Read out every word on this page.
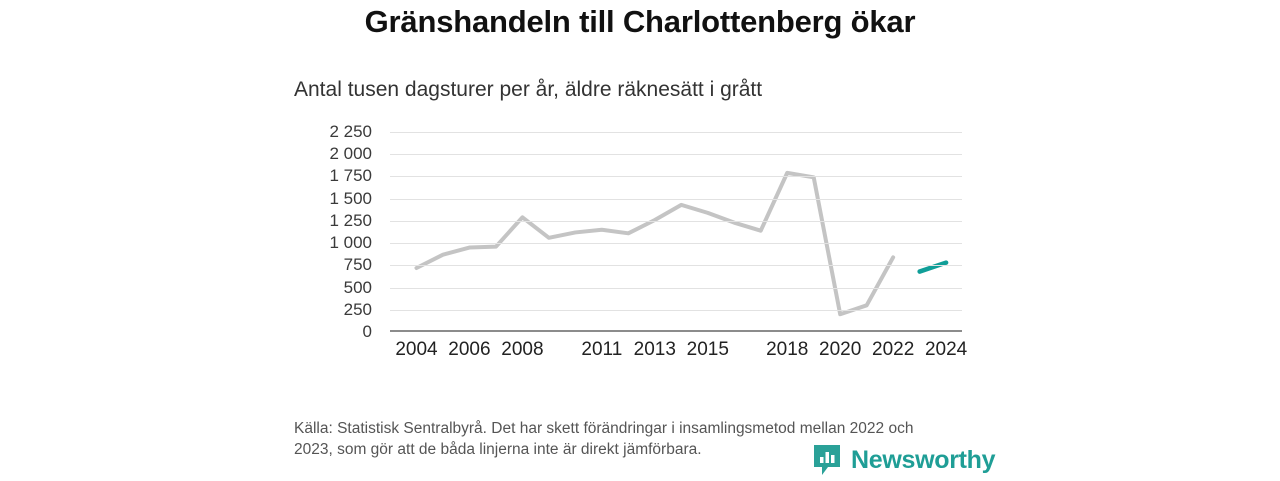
Gränshandeln till Charlottenberg ökar
Antal tusen dagsturer per år, äldre räknesätt i grått
0
250
500
750
1 000
1 250
1 500
1 750
2 000
2 250
2004 2006 2008 2011 2013 2015 2018 2020 2022 2024
Källa: Statistisk Sentralbyrå. Det har skett förändringar i insamlingsmetod mellan 2022 och 2023, som gör att de båda linjerna inte är direkt jämförbara.	Newsworthy
